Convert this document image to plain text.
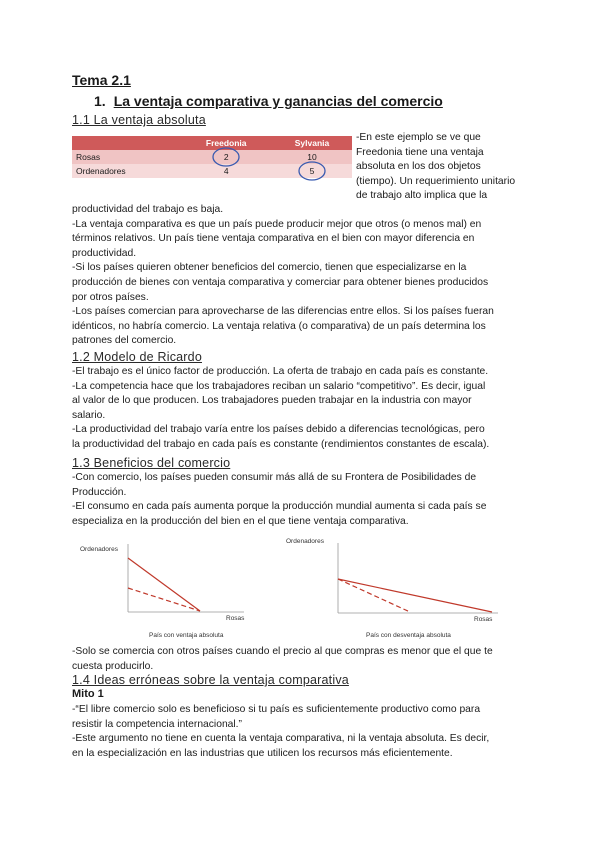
Tema 2.1
1. La ventaja comparativa y ganancias del comercio
1.1 La ventaja absoluta
	Freedonia	Sylvania
Rosas	2	10
Ordenadores	4	5
-En este ejemplo se ve que
Freedonia tiene una ventaja
absoluta en los dos objetos
(tiempo). Un requerimiento unitario
de trabajo alto implica que la
productividad del trabajo es baja.
-La ventaja comparativa es que un país puede producir mejor que otros (o menos mal) en
términos relativos. Un país tiene ventaja comparativa en el bien con mayor diferencia en
productividad.
-Si los países quieren obtener beneficios del comercio, tienen que especializarse en la
producción de bienes con ventaja comparativa y comerciar para obtener bienes producidos
por otros países.
-Los países comercian para aprovecharse de las diferencias entre ellos. Si los países fueran
idénticos, no habría comercio. La ventaja relativa (o comparativa) de un país determina los
patrones del comercio.
1.2 Modelo de Ricardo
-El trabajo es el único factor de producción. La oferta de trabajo en cada país es constante.
-La competencia hace que los trabajadores reciban un salario “competitivo”. Es decir, igual
al valor de lo que producen. Los trabajadores pueden trabajar en la industria con mayor
salario.
-La productividad del trabajo varía entre los países debido a diferencias tecnológicas, pero
la productividad del trabajo en cada país es constante (rendimientos constantes de escala).
1.3 Beneficios del comercio
-Con comercio, los países pueden consumir más allá de su Frontera de Posibilidades de
Producción.
-El consumo en cada país aumenta porque la producción mundial aumenta si cada país se
especializa en la producción del bien en el que tiene ventaja comparativa.
Ordenadores
Rosas
País con ventaja absoluta
Ordenadores
Rosas
País con desventaja absoluta
-Solo se comercia con otros países cuando el precio al que compras es menor que el que te
cuesta producirlo.
1.4 Ideas erróneas sobre la ventaja comparativa
Mito 1
-“El libre comercio solo es beneficioso si tu país es suficientemente productivo como para
resistir la competencia internacional.”
-Este argumento no tiene en cuenta la ventaja comparativa, ni la ventaja absoluta. Es decir,
en la especialización en las industrias que utilicen los recursos más eficientemente.
